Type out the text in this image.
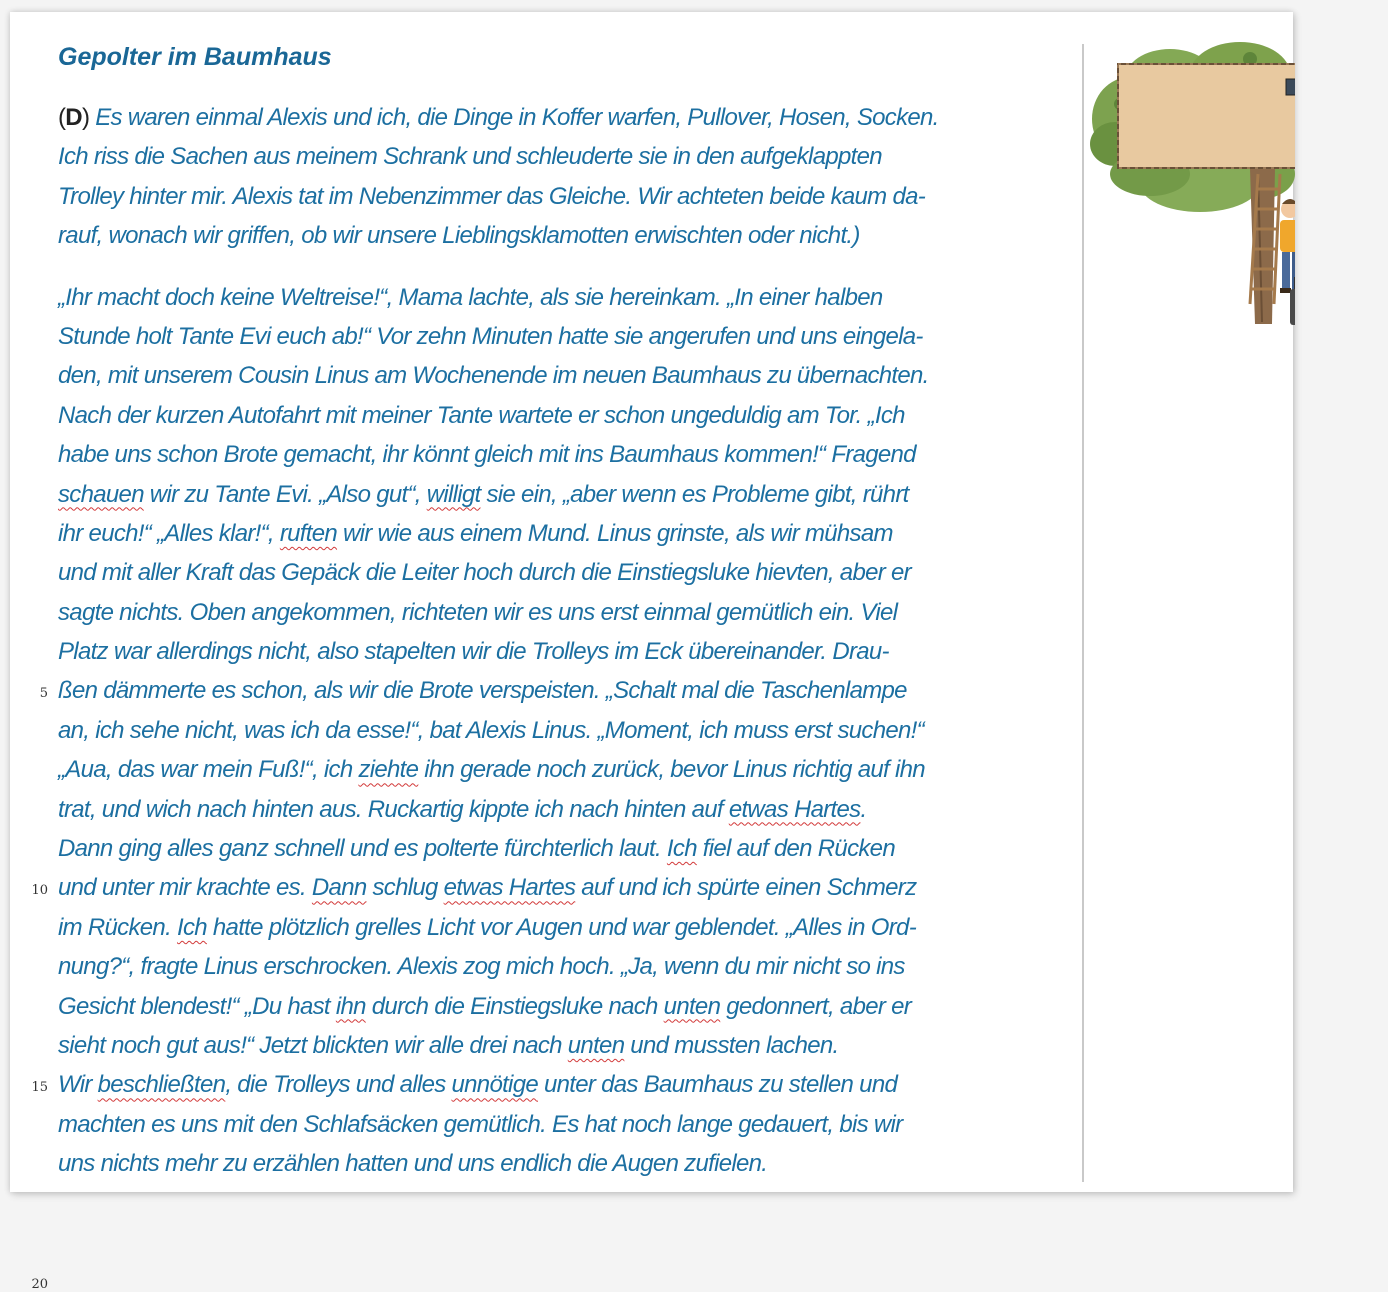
Gepolter im Baumhaus
(D) Es waren einmal Alexis und ich, die Dinge in Koffer warfen, Pullover, Hosen, Socken.
Ich riss die Sachen aus meinem Schrank und schleuderte sie in den aufgeklappten
Trolley hinter mir. Alexis tat im Nebenzimmer das Gleiche. Wir achteten beide kaum da-
rauf, wonach wir griffen, ob wir unsere Lieblingsklamotten erwischten oder nicht.)
„Ihr macht doch keine Weltreise!“, Mama lachte, als sie hereinkam. „In einer halben
Stunde holt Tante Evi euch ab!“ Vor zehn Minuten hatte sie angerufen und uns eingela-
den, mit unserem Cousin Linus am Wochenende im neuen Baumhaus zu übernachten.
Nach der kurzen Autofahrt mit meiner Tante wartete er schon ungeduldig am Tor. „Ich
habe uns schon Brote gemacht, ihr könnt gleich mit ins Baumhaus kommen!“ Fragend
schauen wir zu Tante Evi. „Also gut“, willigt sie ein, „aber wenn es Probleme gibt, rührt
ihr euch!“ „Alles klar!“, ruften wir wie aus einem Mund. Linus grinste, als wir mühsam
und mit aller Kraft das Gepäck die Leiter hoch durch die Einstiegsluke hievten, aber er
sagte nichts. Oben angekommen, richteten wir es uns erst einmal gemütlich ein. Viel
Platz war allerdings nicht, also stapelten wir die Trolleys im Eck übereinander. Drau-
ßen dämmerte es schon, als wir die Brote verspeisten. „Schalt mal die Taschenlampe
an, ich sehe nicht, was ich da esse!“, bat Alexis Linus. „Moment, ich muss erst suchen!“
„Aua, das war mein Fuß!“, ich ziehte ihn gerade noch zurück, bevor Linus richtig auf ihn
trat, und wich nach hinten aus. Ruckartig kippte ich nach hinten auf etwas Hartes.
Dann ging alles ganz schnell und es polterte fürchterlich laut. Ich fiel auf den Rücken
und unter mir krachte es. Dann schlug etwas Hartes auf und ich spürte einen Schmerz
im Rücken. Ich hatte plötzlich grelles Licht vor Augen und war geblendet. „Alles in Ord-
nung?“, fragte Linus erschrocken. Alexis zog mich hoch. „Ja, wenn du mir nicht so ins
Gesicht blendest!“ „Du hast ihn durch die Einstiegsluke nach unten gedonnert, aber er
sieht noch gut aus!“ Jetzt blickten wir alle drei nach unten und mussten lachen.
Wir beschließten, die Trolleys und alles unnötige unter das Baumhaus zu stellen und
machten es uns mit den Schlafsäcken gemütlich. Es hat noch lange gedauert, bis wir
uns nichts mehr zu erzählen hatten und uns endlich die Augen zufielen.

5
10
15
20
